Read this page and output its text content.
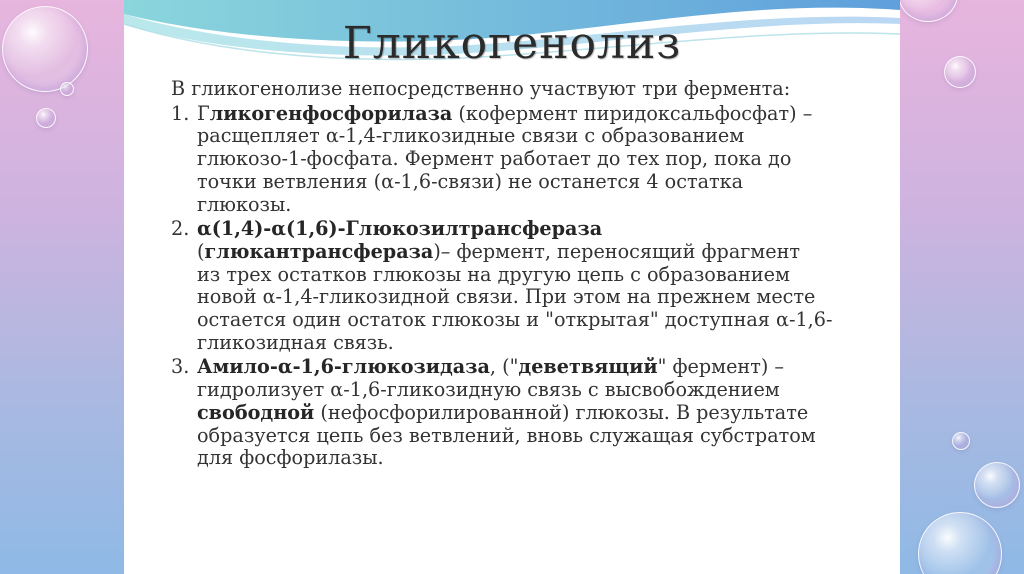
Гликогенолиз
В гликогенолизе непосредственно участвуют три фермента:
1. Гликогенфосфорилаза (кофермент пиридоксальфосфат) –
расщепляет α-1,4-гликозидные связи с образованием
глюкозо-1-фосфата. Фермент работает до тех пор, пока до
точки ветвления (α-1,6-связи) не останется 4 остатка
глюкозы.
2. α(1,4)-α(1,6)-Глюкозилтрансфераза
(глюкантрансфераза)– фермент, переносящий фрагмент
из трех остатков глюкозы на другую цепь с образованием
новой α-1,4-гликозидной связи. При этом на прежнем месте
остается один остаток глюкозы и "открытая" доступная α-1,6-
гликозидная связь.
3. Амило-α-1,6-глюкозидаза, ("деветвящий" фермент) –
гидролизует α-1,6-гликозидную связь с высвобождением
свободной (нефосфорилированной) глюкозы. В результате
образуется цепь без ветвлений, вновь служащая субстратом
для фосфорилазы.
